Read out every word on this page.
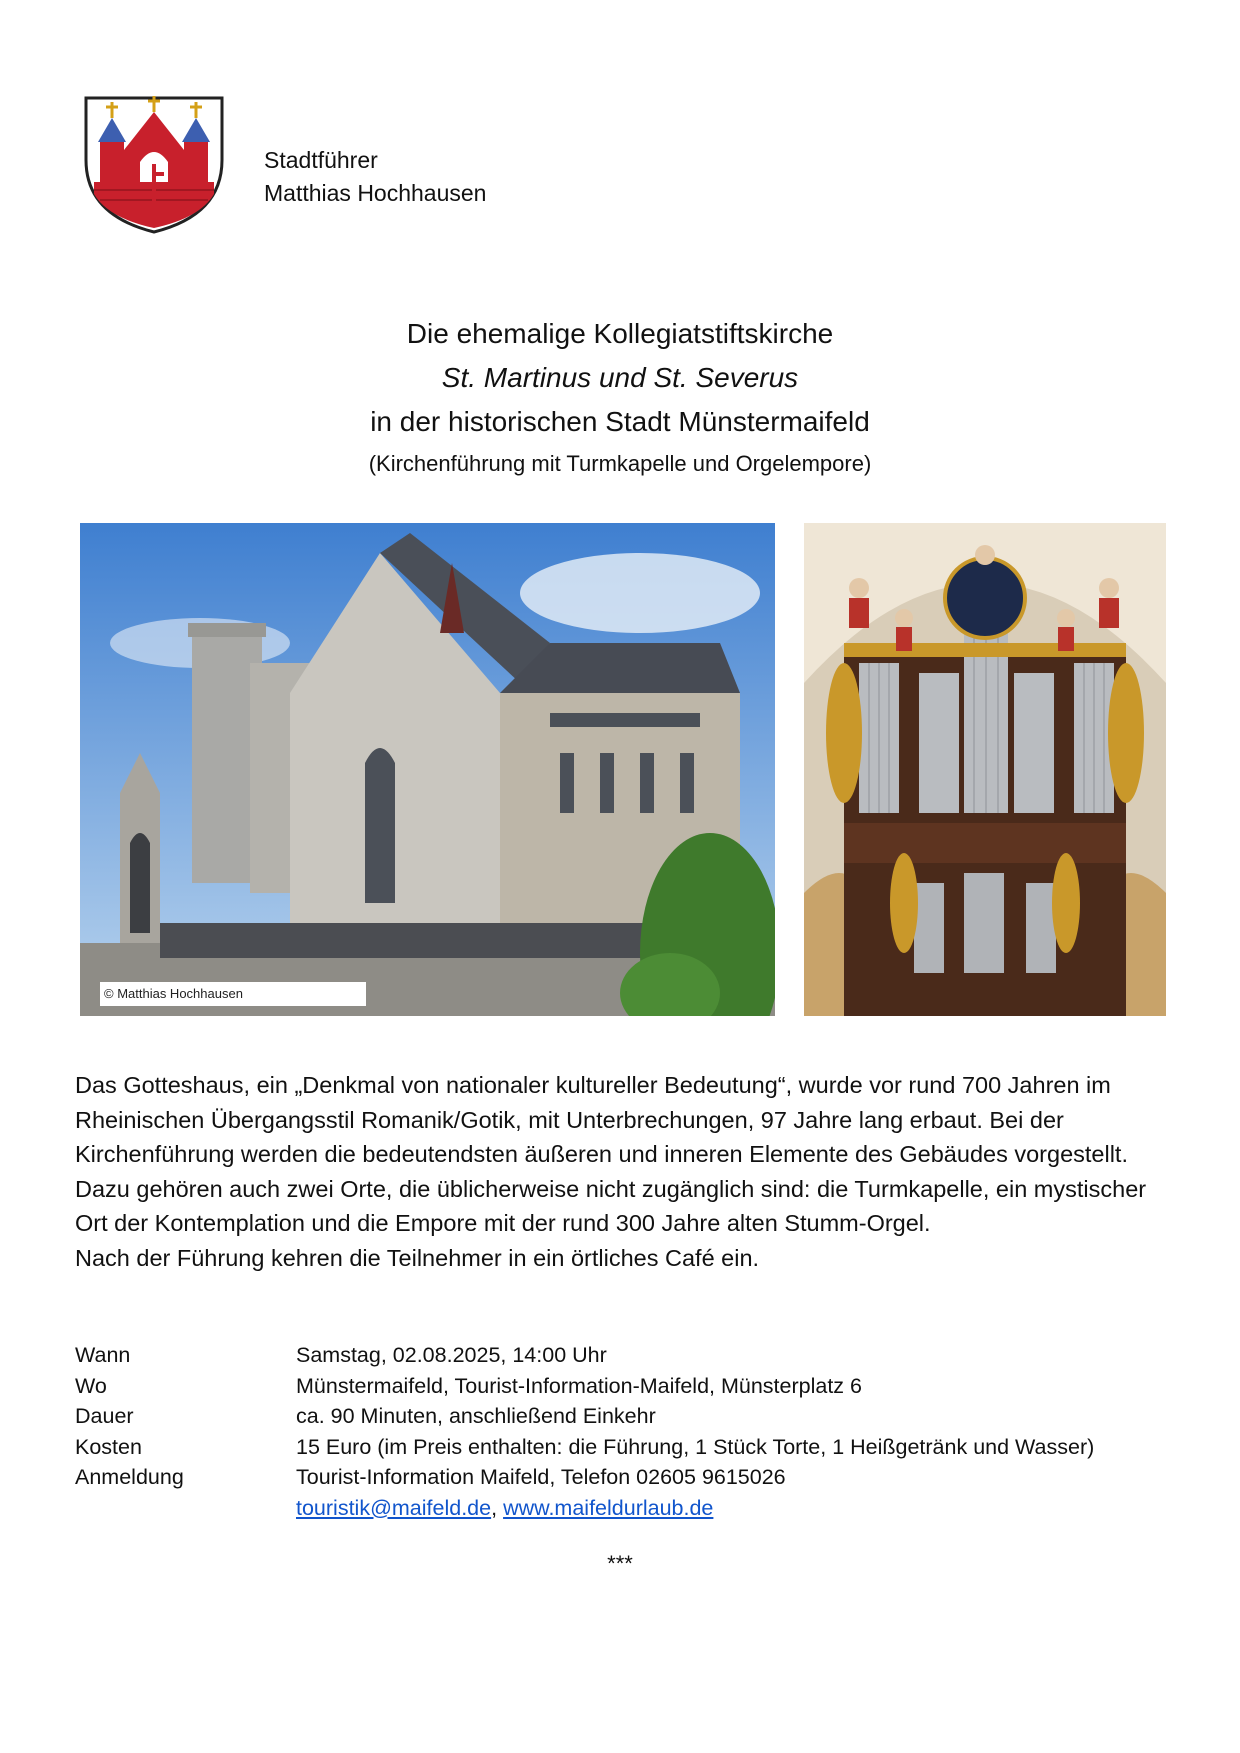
Stadtführer
Matthias Hochhausen
Die ehemalige Kollegiatstiftskirche
St. Martinus und St. Severus
in der historischen Stadt Münstermaifeld
(Kirchenführung mit Turmkapelle und Orgelempore)
© Matthias Hochhausen

Das Gotteshaus, ein „Denkmal von nationaler kultureller Bedeutung“, wurde vor rund 700 Jahren im Rheinischen Übergangsstil Romanik/Gotik, mit Unterbrechungen, 97 Jahre lang erbaut. Bei der Kirchenführung werden die bedeutendsten äußeren und inneren Elemente des Gebäudes vorgestellt. Dazu gehören auch zwei Orte, die üblicherweise nicht zugänglich sind: die Turmkapelle, ein mystischer Ort der Kontemplation und die Empore mit der rund 300 Jahre alten Stumm-Orgel.

Nach der Führung kehren die Teilnehmer in ein örtliches Café ein.

Wann	Samstag, 02.08.2025, 14:00 Uhr
Wo	Münstermaifeld, Tourist-Information-Maifeld, Münsterplatz 6
Dauer	ca. 90 Minuten, anschließend Einkehr
Kosten	15 Euro (im Preis enthalten: die Führung, 1 Stück Torte, 1 Heißgetränk und Wasser)
Anmeldung	Tourist-Information Maifeld, Telefon 02605 9615026
touristik@maifeld.de, www.maifeldurlaub.de
***
